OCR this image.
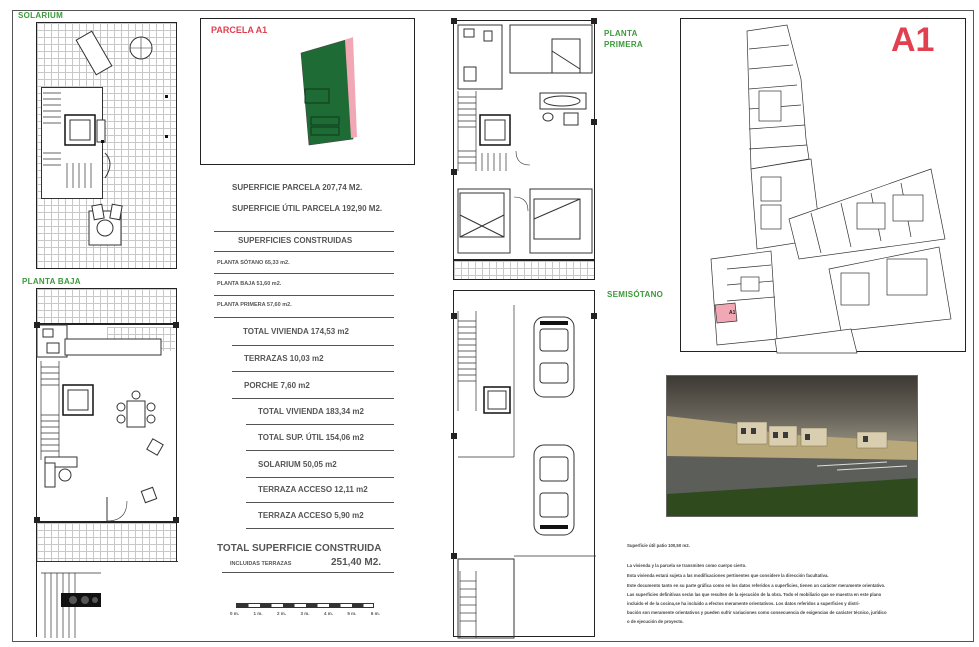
SOLARIUM
PLANTA BAJA
PARCELA A1
SUPERFICIE PARCELA 207,74 M2.
SUPERFICIE ÚTIL PARCELA 192,90 M2.
SUPERFICIES CONSTRUIDAS
PLANTA SÓTANO 65,33 m2.
PLANTA BAJA 51,60 m2.
PLANTA PRIMERA 57,60 m2.
TOTAL VIVIENDA 174,53 m2
TERRAZAS 10,03 m2
PORCHE 7,60 m2
TOTAL VIVIENDA 183,34 m2
TOTAL SUP. ÚTIL 154,06 m2
SOLARIUM 50,05 m2
TERRAZA ACCESO 12,11 m2
TERRAZA ACCESO 5,90 m2
TOTAL SUPERFICIE CONSTRUIDA
INCLUIDAS TERRAZAS	251,40 M2.
0 m.	1 m.	2 m.	3 m.	4 m.	5 m.	6 m.
PLANTA
PRIMERA
SEMISÓTANO
A1
A1
Superficie útil patio 100,50 m2.
La vivienda y la parcela se transmiten como cuerpo cierto.
Esta vivienda estará sujeta a las modificaciones pertinentes que considere la dirección facultativa.
Este documento tanto en su parte gráfica como en los datos referidos a superficies, tienen un carácter meramente orientativo.
Las superficies definitivas serán las que resulten de la ejecución de la obra. Todo el mobiliario que se muestra en este plano
incluido el de la cocina,se ha incluido a efectos meramente orientativos. Los datos referidos a superficies y distri-
bución son meramente orientativos y pueden sufrir variaciones como consecuencia de exigencias de carácter técnico, jurídico
o de ejecución de proyecto.
